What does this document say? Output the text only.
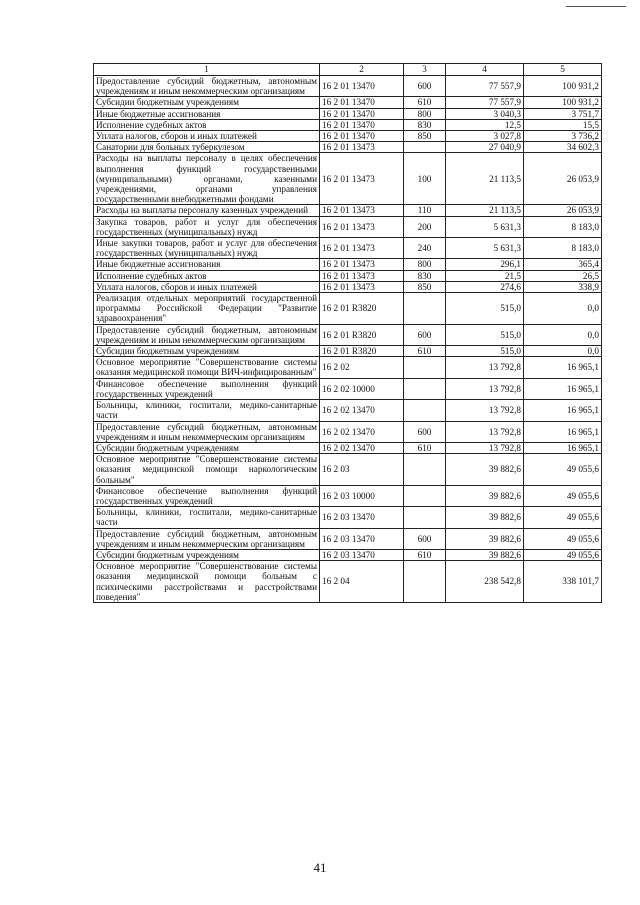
1	2	3	4	5
Предоставление субсидий бюджетным, автономным учреждениям и иным некоммерческим организациям	16 2 01 13470	600	77 557,9	100 931,2
Субсидии бюджетным учреждениям	16 2 01 13470	610	77 557,9	100 931,2
Иные бюджетные ассигнования	16 2 01 13470	800	3 040,3	3 751,7
Исполнение судебных актов	16 2 01 13470	830	12,5	15,5
Уплата налогов, сборов и иных платежей	16 2 01 13470	850	3 027,8	3 736,2
Санатории для больных туберкулезом	16 2 01 13473		27 040,9	34 602,3
Расходы на выплаты персоналу в целях обеспечения выполнения функций государственными (муниципальными) органами, казенными учреждениями, органами управления государственными внебюджетными фондами	16 2 01 13473	100	21 113,5	26 053,9
Расходы на выплаты персоналу казенных учреждений	16 2 01 13473	110	21 113,5	26 053,9
Закупка товаров, работ и услуг для обеспечения государственных (муниципальных) нужд	16 2 01 13473	200	5 631,3	8 183,0
Иные закупки товаров, работ и услуг для обеспечения государственных (муниципальных) нужд	16 2 01 13473	240	5 631,3	8 183,0
Иные бюджетные ассигнования	16 2 01 13473	800	296,1	365,4
Исполнение судебных актов	16 2 01 13473	830	21,5	26,5
Уплата налогов, сборов и иных платежей	16 2 01 13473	850	274,6	338,9
Реализация отдельных мероприятий государственной программы Российской Федерации "Развитие здравоохранения"	16 2 01 R3820		515,0	0,0
Предоставление субсидий бюджетным, автономным учреждениям и иным некоммерческим организациям	16 2 01 R3820	600	515,0	0,0
Субсидии бюджетным учреждениям	16 2 01 R3820	610	515,0	0,0
Основное мероприятие "Совершенствование системы оказания медицинской помощи ВИЧ-инфицированным"	16 2 02		13 792,8	16 965,1
Финансовое обеспечение выполнения функций государственных учреждений	16 2 02 10000		13 792,8	16 965,1
Больницы, клиники, госпитали, медико-санитарные части	16 2 02 13470		13 792,8	16 965,1
Предоставление субсидий бюджетным, автономным учреждениям и иным некоммерческим организациям	16 2 02 13470	600	13 792,8	16 965,1
Субсидии бюджетным учреждениям	16 2 02 13470	610	13 792,8	16 965,1
Основное мероприятие "Совершенствование системы оказания медицинской помощи наркологическим больным"	16 2 03		39 882,6	49 055,6
Финансовое обеспечение выполнения функций государственных учреждений	16 2 03 10000		39 882,6	49 055,6
Больницы, клиники, госпитали, медико-санитарные части	16 2 03 13470		39 882,6	49 055,6
Предоставление субсидий бюджетным, автономным учреждениям и иным некоммерческим организациям	16 2 03 13470	600	39 882,6	49 055,6
Субсидии бюджетным учреждениям	16 2 03 13470	610	39 882,6	49 055,6
Основное мероприятие "Совершенствование системы оказания медицинской помощи больным с психическими расстройствами и расстройствами поведения"	16 2 04		238 542,8	338 101,7
41
